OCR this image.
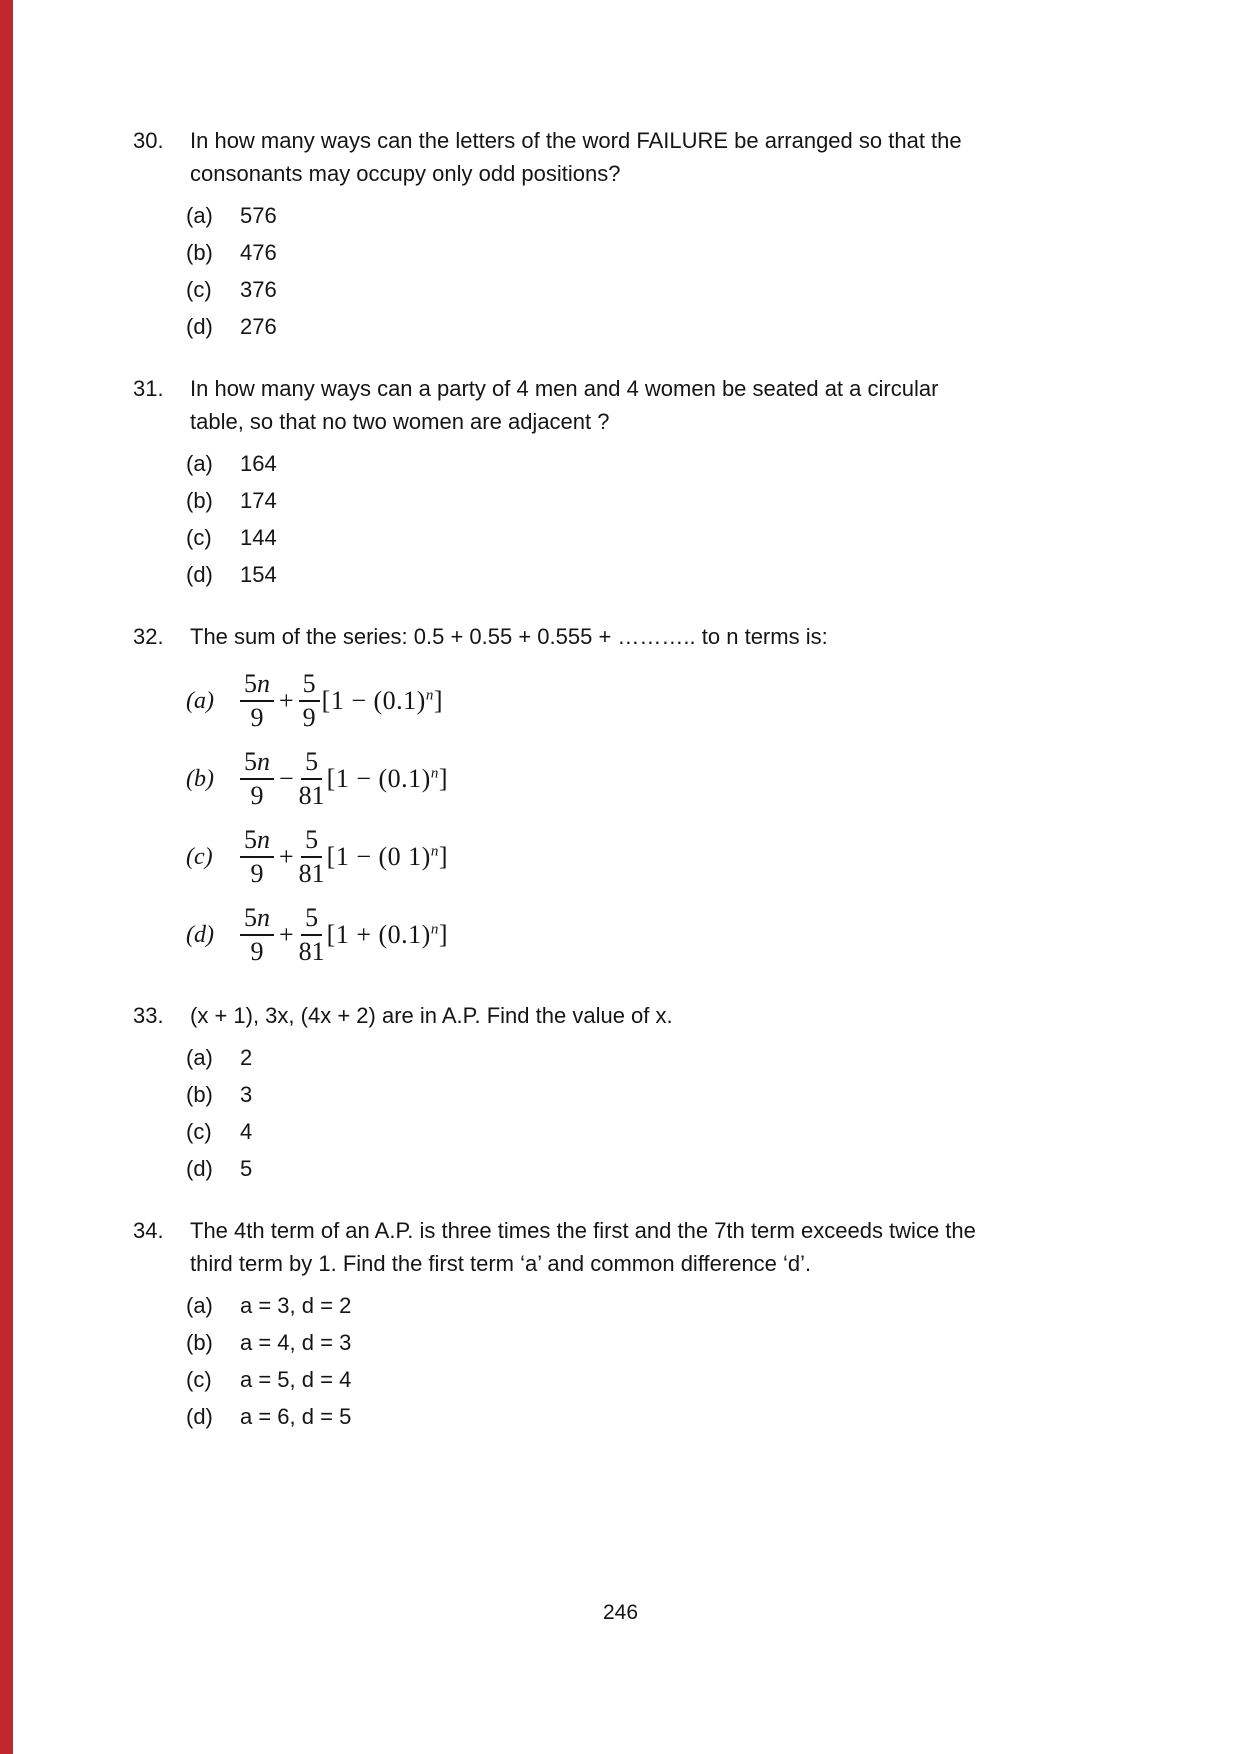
30.	In how many ways can the letters of the word FAILURE be arranged so that the consonants may occupy only odd positions?
(a)	576
(b)	476
(c)	376
(d)	276
31.	In how many ways can a party of 4 men and 4 women be seated at a circular table, so that no two women are adjacent ?
(a)	164
(b)	174
(c)	144
(d)	154
32.	The sum of the series: 0.5 + 0.55 + 0.555 + ……….. to n terms is:
(a)	$\frac{5n}{9} + \frac{5}{9} [1 - (0.1)^n]$
(b)	$\frac{5n}{9} - \frac{5}{81} [1 - (0.1)^n]$
(c)	$\frac{5n}{9} + \frac{5}{81} [1 - (0$ 1)$^n$]
(d)	$\frac{5n}{9} + \frac{5}{81} [1 + (0.1)^n]$
33.	(x + 1), 3x, (4x + 2) are in A.P. Find the value of x.
(a)	2
(b)	3
(c)	4
(d)	5
34.	The 4th term of an A.P. is three times the first and the 7th term exceeds twice the third term by 1. Find the first term ‘a’ and common difference ‘d’.
(a)	a = 3, d = 2
(b)	a = 4, d = 3
(c)	a = 5, d = 4
(d)	a = 6, d = 5
246
